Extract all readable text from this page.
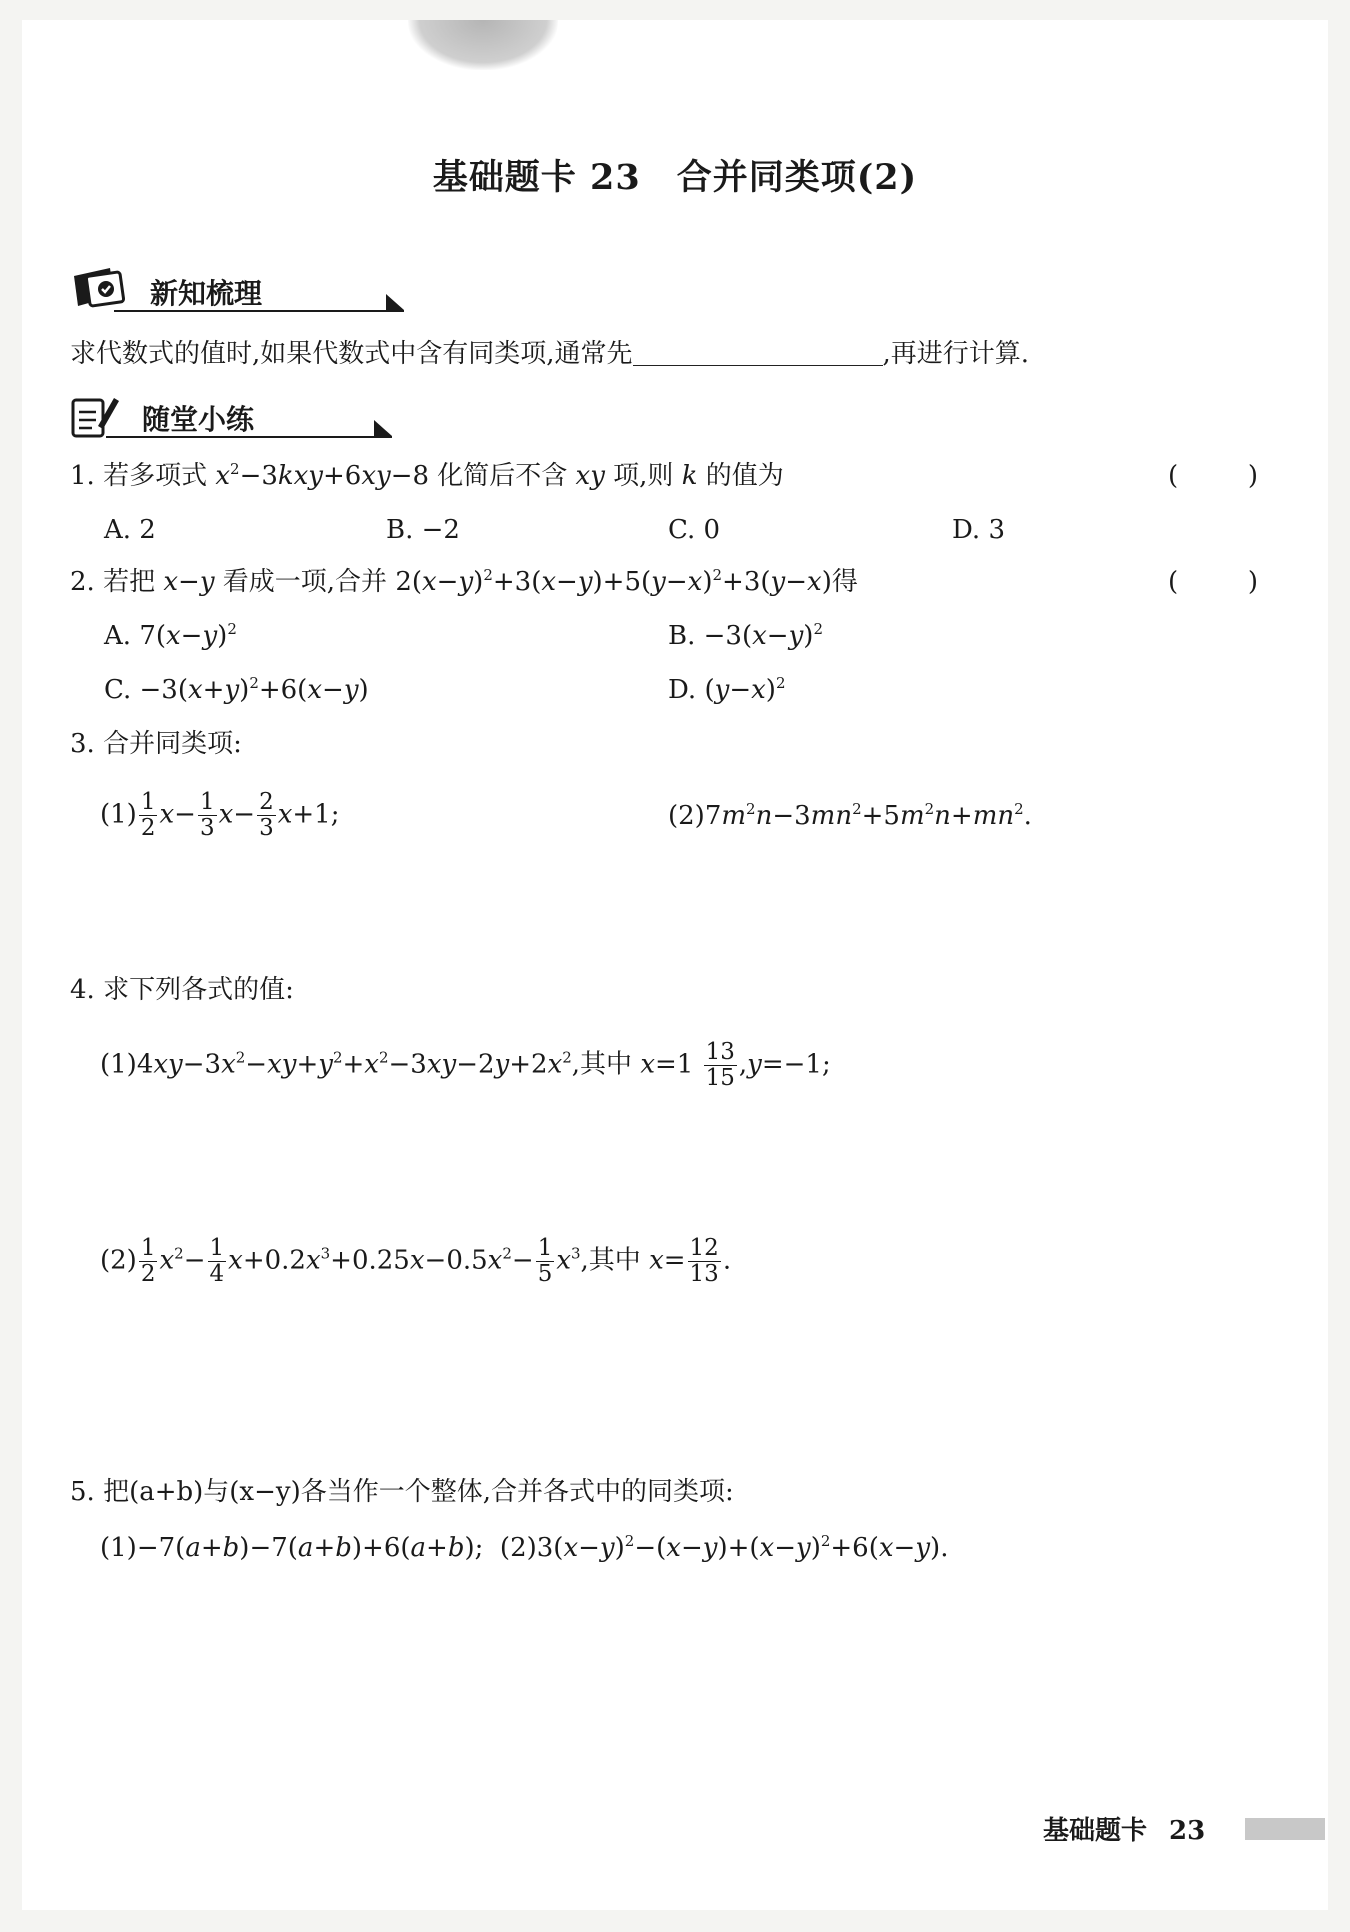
基础题卡 23 合并同类项(2)
新知梳理
求代数式的值时,如果代数式中含有同类项,通常先	,再进行计算.
随堂小练
1. 若多项式 $x^2-3kxy+6xy-8$ 化简后不含 xy 项,则 k 的值为	(	)
A. 2	B. −2	C. 0	D. 3
2. 若把 x−y 看成一项,合并 $2(x-y)^2+3(x-y)+5(y-x)^2+3(y-x)$得	(	)
A. $7(x-y)^2$	B. $-3(x-y)^2$
C. $-3(x+y)^2+6(x-y)$	D. $(y-x)^2$
3. 合并同类项:
$(1) \frac{1}{2} x- \frac{1}{3} x- \frac{2}{3} x+1$;	$(2)7m^2n-3mn^2+5m^2n+mn^2$.
4. 求下列各式的值:
$(1)4xy-3x^2-xy+y^2+x^2-3xy-2y+2x^2$,其中 $x=1 \frac{13}{15} ,y=-1$;
$(2) \frac{1}{2} x^2- \frac{1}{4} x+0.2x^3+0.25x-0.5x^2- \frac{1}{5} x^3$,其中 $x= \frac{12}{13}$ .
5. 把(a+b)与(x−y)各当作一个整体,合并各式中的同类项:
(1)−7(a+b)−7(a+b)+6(a+b);  $(2)3(x-y)^2-(x-y)+(x-y)^2+6(x-y)$.
基础题卡 23
